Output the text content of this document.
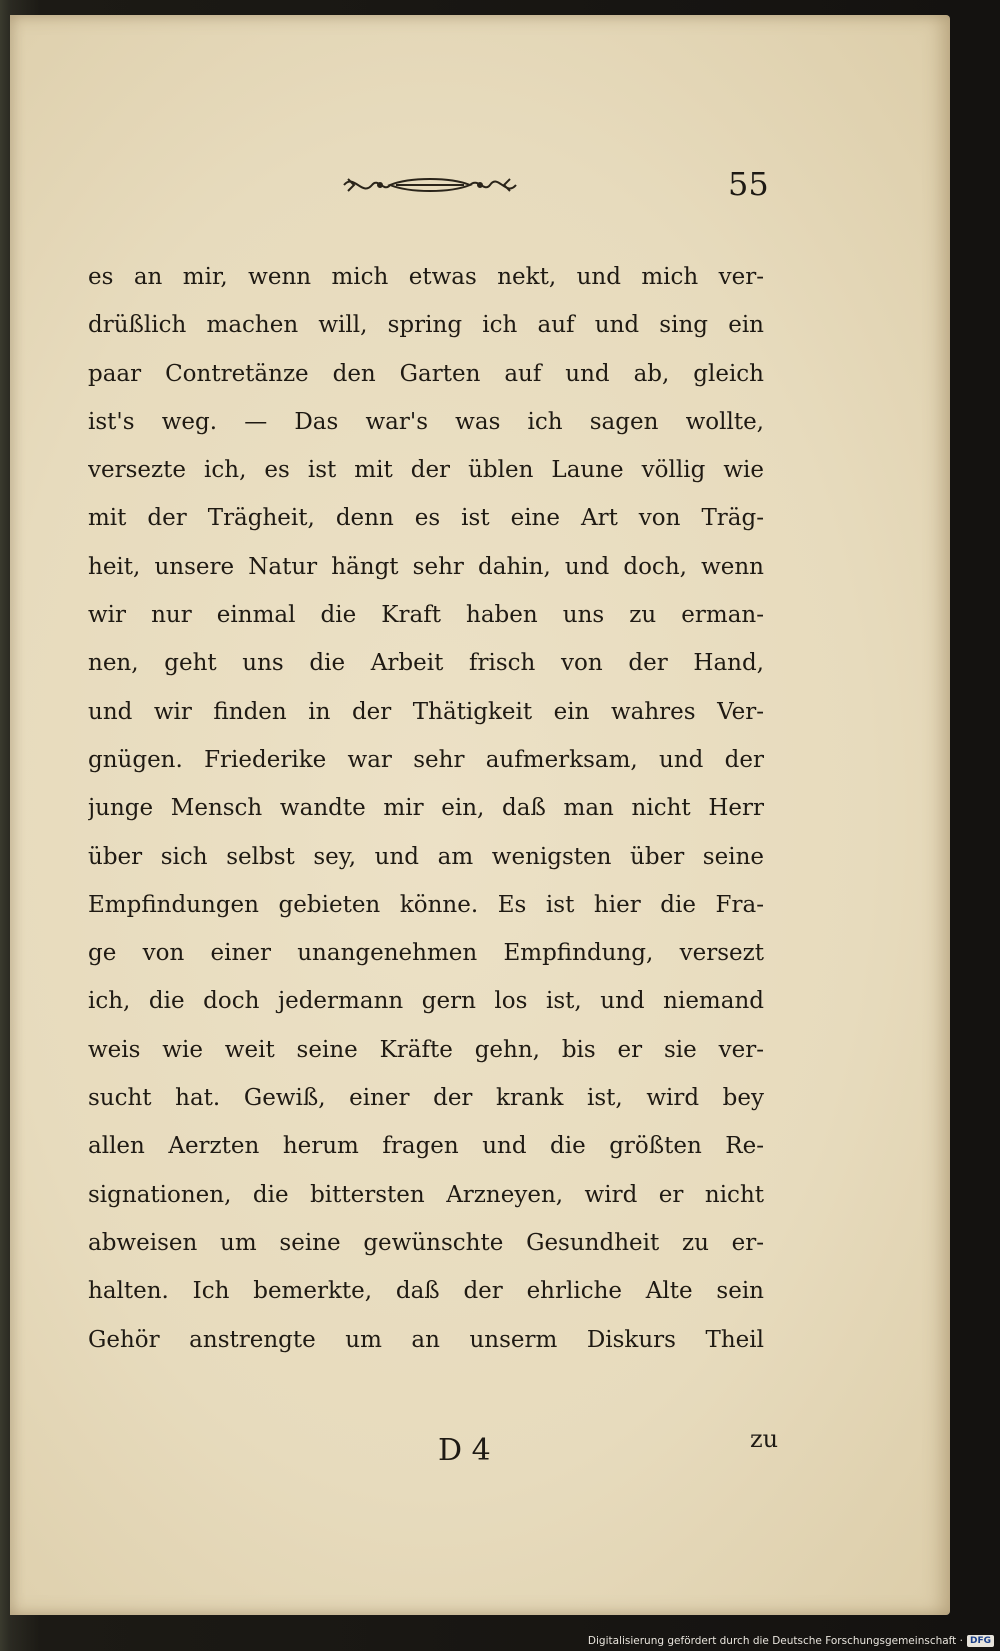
55
es an mir, wenn mich etwas nekt, und mich ver-
drüßlich machen will, spring ich auf und sing ein
paar Contretänze den Garten auf und ab, gleich
ist's weg. — Das war's was ich sagen wollte,
versezte ich, es ist mit der üblen Laune völlig wie
mit der Trägheit, denn es ist eine Art von Träg-
heit, unsere Natur hängt sehr dahin, und doch, wenn
wir nur einmal die Kraft haben uns zu erman-
nen, geht uns die Arbeit frisch von der Hand,
und wir finden in der Thätigkeit ein wahres Ver-
gnügen. Friederike war sehr aufmerksam, und der
junge Mensch wandte mir ein, daß man nicht Herr
über sich selbst sey, und am wenigsten über seine
Empfindungen gebieten könne. Es ist hier die Fra-
ge von einer unangenehmen Empfindung, versezt
ich, die doch jedermann gern los ist, und niemand
weis wie weit seine Kräfte gehn, bis er sie ver-
sucht hat. Gewiß, einer der krank ist, wird bey
allen Aerzten herum fragen und die größten Re-
signationen, die bittersten Arzneyen, wird er nicht
abweisen um seine gewünschte Gesundheit zu er-
halten. Ich bemerkte, daß der ehrliche Alte sein
Gehör anstrengte um an unserm Diskurs Theil
D 4	zu
Digitalisierung gefördert durch die Deutsche Forschungsgemeinschaft · DFG
